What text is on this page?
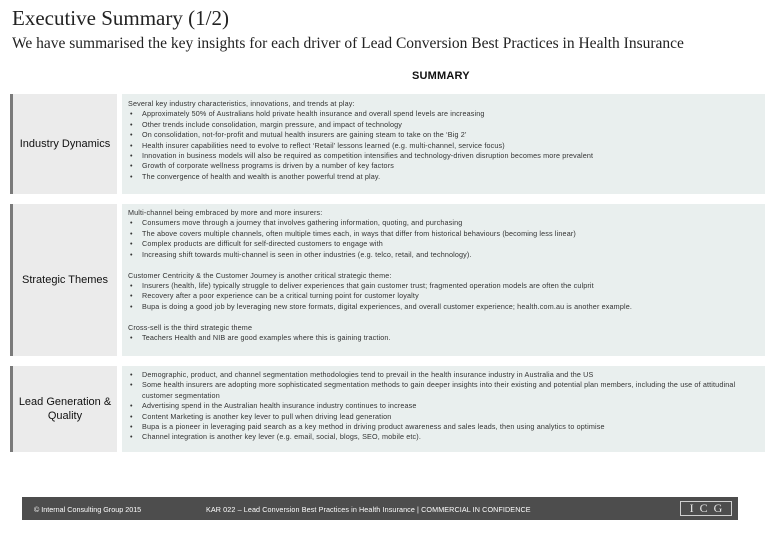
Executive Summary (1/2)
We have summarised the key insights for each driver of Lead Conversion Best Practices in Health Insurance
SUMMARY
Industry Dynamics

Several key industry characteristics, innovations, and trends at play:

• Approximately 50% of Australians hold private health insurance and overall spend levels are increasing
• Other trends include consolidation, margin pressure, and impact of technology
• On consolidation, not-for-profit and mutual health insurers are gaining steam to take on the ‘Big 2’
• Health insurer capabilities need to evolve to reflect ‘Retail’ lessons learned (e.g. multi-channel, service focus)
• Innovation in business models will also be required as competition intensifies and technology-driven disruption becomes more prevalent
• Growth of corporate wellness programs is driven by a number of key factors
• The convergence of health and wealth is another powerful trend at play.
Strategic Themes

Multi-channel being embraced by more and more insurers:

• Consumers move through a journey that involves gathering information, quoting, and purchasing
• The above covers multiple channels, often multiple times each, in ways that differ from historical behaviours (becoming less linear)
• Complex products are difficult for self-directed customers to engage with
• Increasing shift towards multi-channel is seen in other industries (e.g. telco, retail, and technology).

Customer Centricity & the Customer Journey is another critical strategic theme:

• Insurers (health, life) typically struggle to deliver experiences that gain customer trust; fragmented operation models are often the culprit
• Recovery after a poor experience can be a critical turning point for customer loyalty
• Bupa is doing a good job by leveraging new store formats, digital experiences, and overall customer experience; health.com.au is another example.

Cross-sell is the third strategic theme

• Teachers Health and NIB are good examples where this is gaining traction.
Lead Generation & Quality
• Demographic, product, and channel segmentation methodologies tend to prevail in the health insurance industry in Australia and the US
• Some health insurers are adopting more sophisticated segmentation methods to gain deeper insights into their existing and potential plan members, including the use of attitudinal customer segmentation
• Advertising spend in the Australian health insurance industry continues to increase
• Content Marketing is another key lever to pull when driving lead generation
• Bupa is a pioneer in leveraging paid search as a key method in driving product awareness and sales leads, then using analytics to optimise
• Channel integration is another key lever (e.g. email, social, blogs, SEO, mobile etc).
© Internal Consulting Group 2015	KAR 022 – Lead Conversion Best Practices in Health Insurance | COMMERCIAL IN CONFIDENCE	ICG
